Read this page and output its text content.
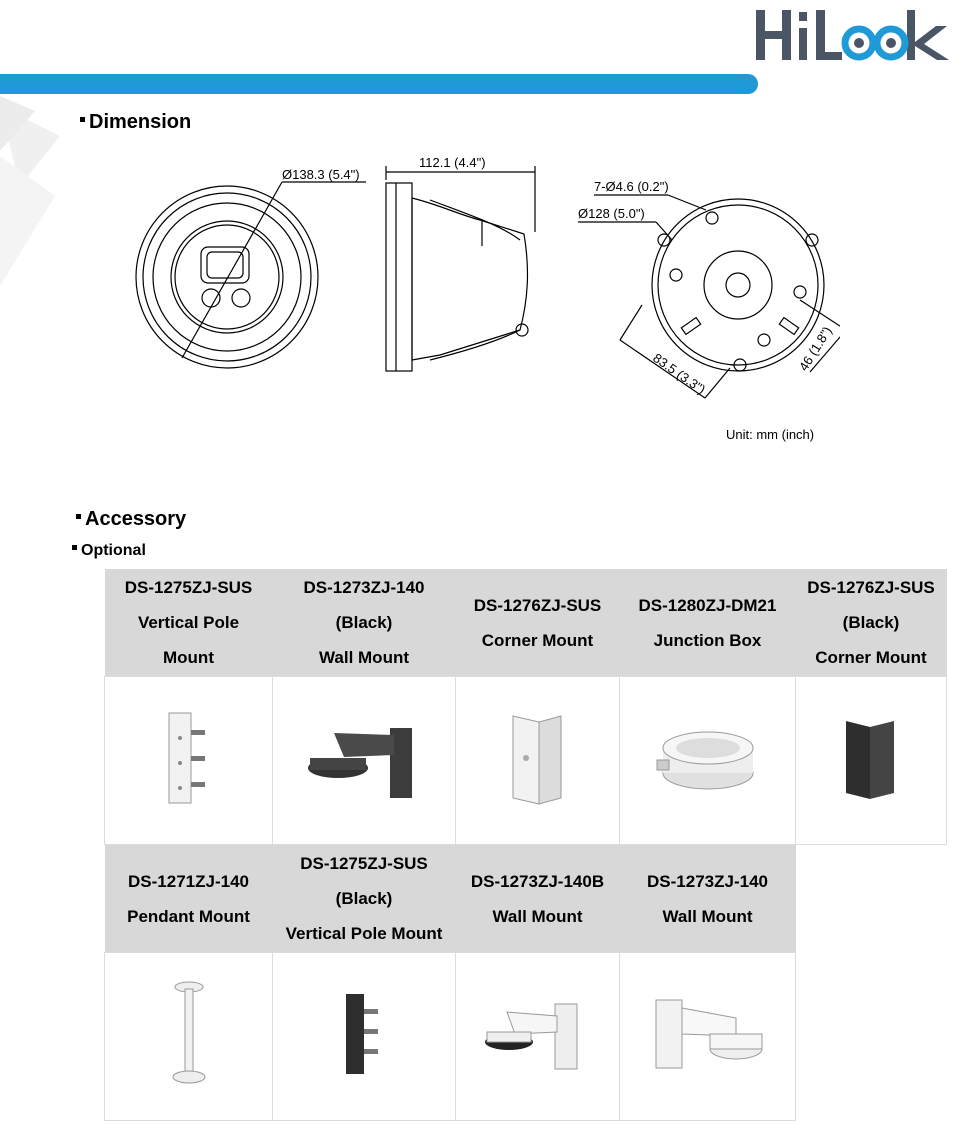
Dimension
Ø138.3 (5.4")
112.1 (4.4")
7-Ø4.6 (0.2")
Ø128 (5.0")
83.5 (3.3")
46 (1.8")
Unit: mm (inch)
Accessory
Optional
DS-1275ZJ-SUS
Vertical Pole
Mount	DS-1273ZJ-140
(Black)
Wall Mount	DS-1276ZJ-SUS
Corner Mount	DS-1280ZJ-DM21
Junction Box	DS-1276ZJ-SUS
(Black)
Corner Mount

DS-1271ZJ-140
Pendant Mount	DS-1275ZJ-SUS
(Black)
Vertical Pole Mount	DS-1273ZJ-140B
Wall Mount	DS-1273ZJ-140
Wall Mount	
